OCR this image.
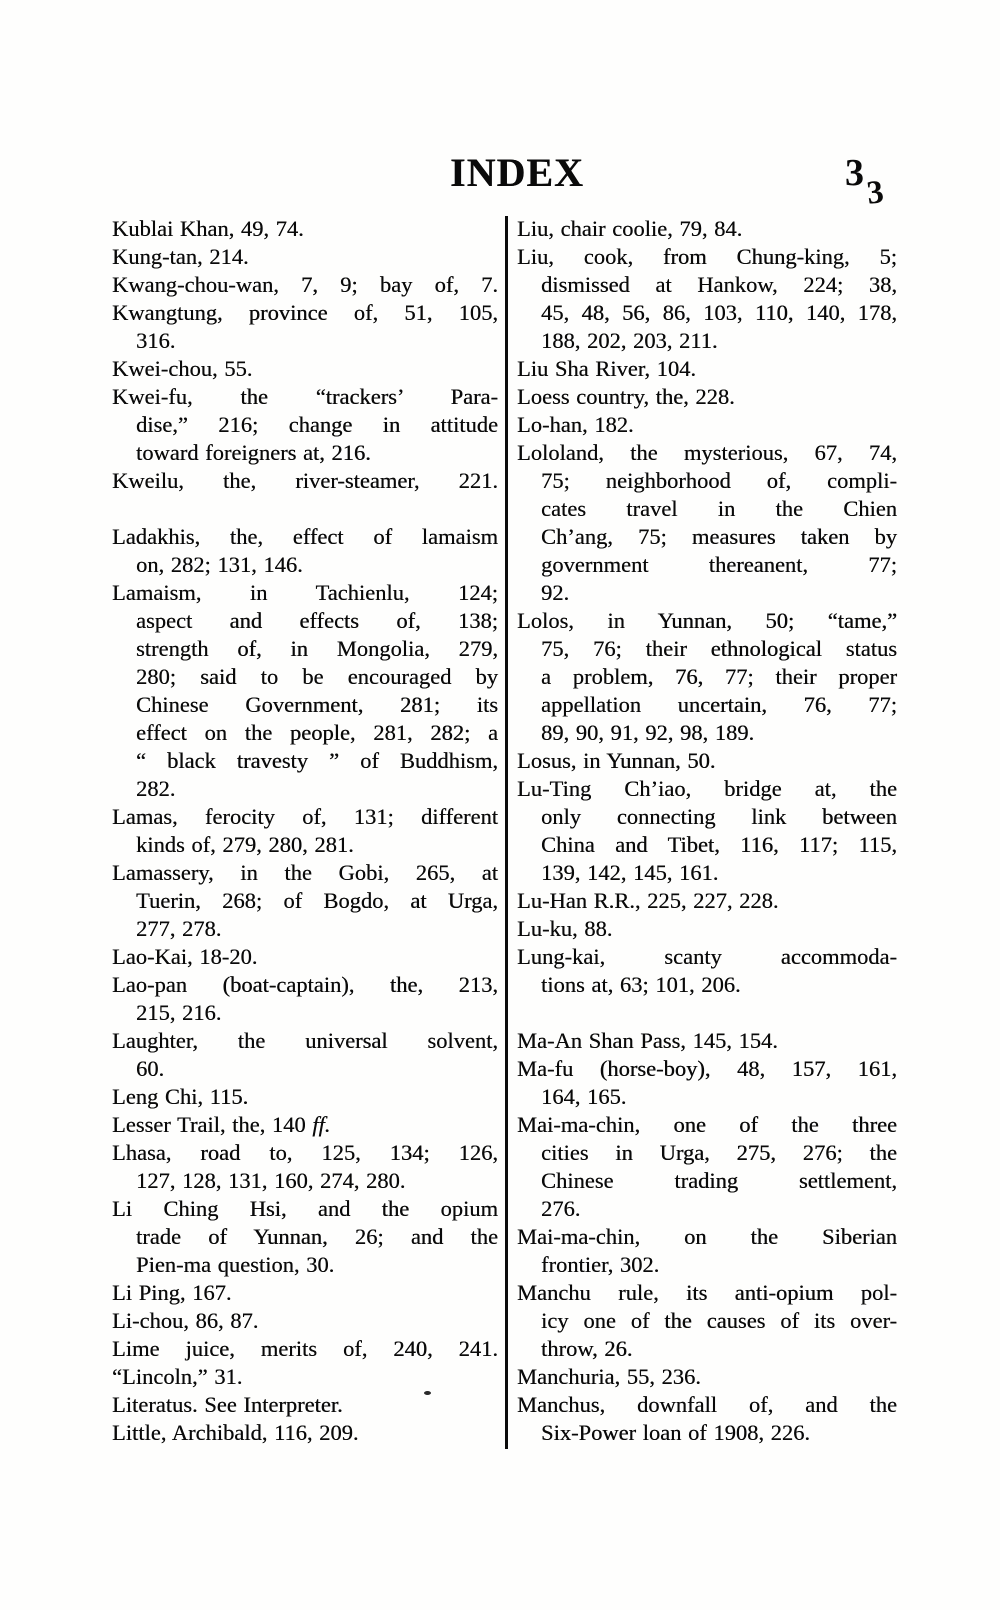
INDEX	3 3
Kublai Khan, 49, 74.
Kung-tan, 214.
Kwang-chou-wan, 7, 9; bay of, 7.
Kwangtung, province of, 51, 105,
316.
Kwei-chou, 55.
Kwei-fu, the “trackers’ Para-
dise,” 216; change in attitude
toward foreigners at, 216.
Kweilu, the, river-steamer, 221.
Ladakhis, the, effect of lamaism
on, 282; 131, 146.
Lamaism, in Tachienlu, 124;
aspect and effects of, 138;
strength of, in Mongolia, 279,
280; said to be encouraged by
Chinese Government, 281; its
effect on the people, 281, 282; a
“ black travesty ” of Buddhism,
282.
Lamas, ferocity of, 131; different
kinds of, 279, 280, 281.
Lamassery, in the Gobi, 265, at
Tuerin, 268; of Bogdo, at Urga,
277, 278.
Lao-Kai, 18-20.
Lao-pan (boat-captain), the, 213,
215, 216.
Laughter, the universal solvent,
60.
Leng Chi, 115.
Lesser Trail, the, 140 ff.
Lhasa, road to, 125, 134; 126,
127, 128, 131, 160, 274, 280.
Li Ching Hsi, and the opium
trade of Yunnan, 26; and the
Pien-ma question, 30.
Li Ping, 167.
Li-chou, 86, 87.
Lime juice, merits of, 240, 241.
“Lincoln,” 31.
Literatus. See Interpreter.
Little, Archibald, 116, 209.
Liu, chair coolie, 79, 84.
Liu, cook, from Chung-king, 5;
dismissed at Hankow, 224; 38,
45, 48, 56, 86, 103, 110, 140, 178,
188, 202, 203, 211.
Liu Sha River, 104.
Loess country, the, 228.
Lo-han, 182.
Lololand, the mysterious, 67, 74,
75; neighborhood of, compli-
cates travel in the Chien
Ch’ang, 75; measures taken by
government thereanent, 77;
92.
Lolos, in Yunnan, 50; “tame,”
75, 76; their ethnological status
a problem, 76, 77; their proper
appellation uncertain, 76, 77;
89, 90, 91, 92, 98, 189.
Losus, in Yunnan, 50.
Lu-Ting Ch’iao, bridge at, the
only connecting link between
China and Tibet, 116, 117; 115,
139, 142, 145, 161.
Lu-Han R.R., 225, 227, 228.
Lu-ku, 88.
Lung-kai, scanty accommoda-
tions at, 63; 101, 206.
Ma-An Shan Pass, 145, 154.
Ma-fu (horse-boy), 48, 157, 161,
164, 165.
Mai-ma-chin, one of the three
cities in Urga, 275, 276; the
Chinese trading settlement,
276.
Mai-ma-chin, on the Siberian
frontier, 302.
Manchu rule, its anti-opium pol-
icy one of the causes of its over-
throw, 26.
Manchuria, 55, 236.
Manchus, downfall of, and the
Six-Power loan of 1908, 226.
